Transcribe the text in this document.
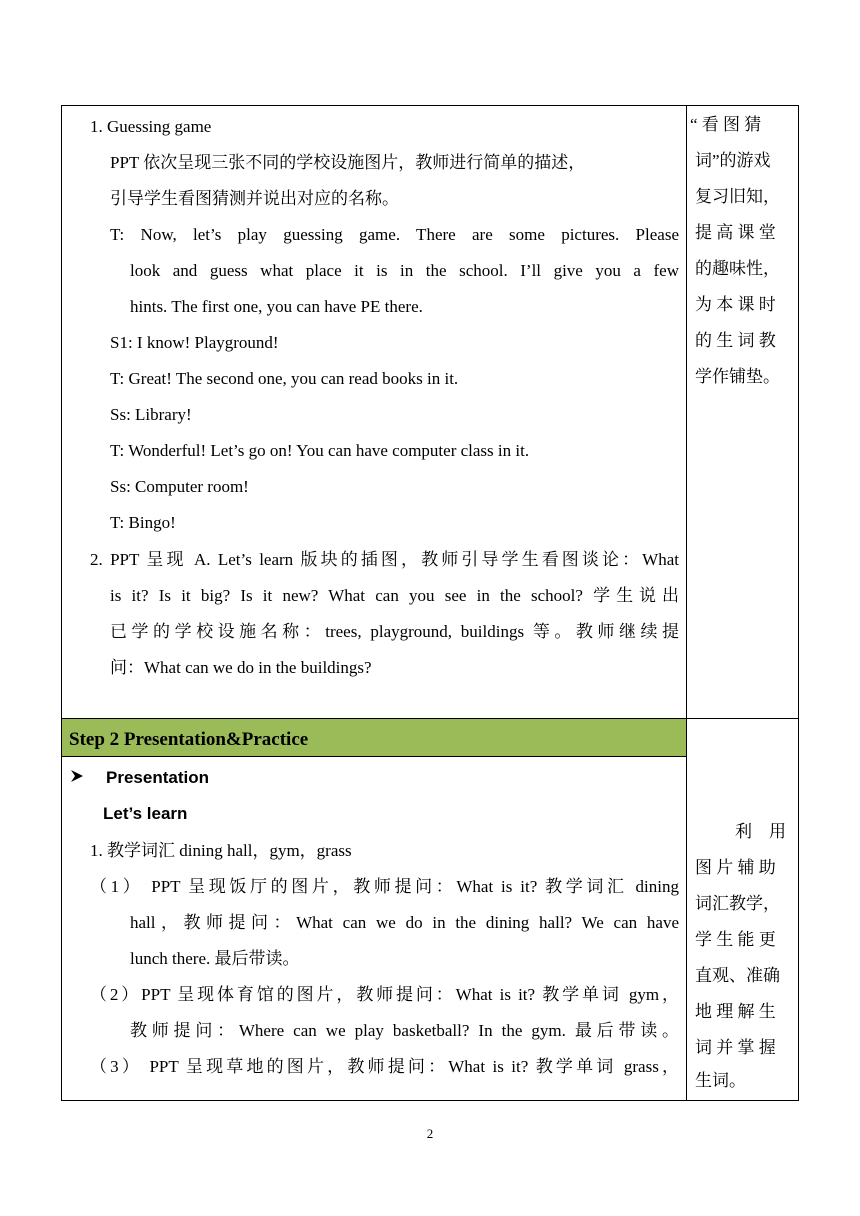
1. Guessing game
PPT 依次呈现三张不同的学校设施图片，教师进行简单的描述，
引导学生看图猜测并说出对应的名称。
T: Now, let’s play guessing game. There are some pictures. Please
look and guess what place it is in the school. I’ll give you a few
hints. The first one, you can have PE there.
S1: I know! Playground!
T: Great! The second one, you can read books in it.
Ss: Library!
T: Wonderful! Let’s go on! You can have computer class in it.
Ss: Computer room!
T: Bingo!
2. PPT 呈现 A. Let’s learn 版块的插图，教师引导学生看图谈论：What
is it? Is it big? Is it new? What can you see in the school? 学生说出
已学的学校设施名称：trees, playground, buildings 等。教师继续提
问：What can we do in the buildings?
“ 看 图 猜
词”的游戏
复习旧知，
提 高 课 堂
的趣味性，
为 本 课 时
的 生 词 教
学作铺垫。
Step 2 Presentation&Practice
Presentation
Let’s learn
1. 教学词汇 dining hall，gym，grass
（1） PPT 呈现饭厅的图片，教师提问：What is it? 教学词汇 dining
hall，教师提问：What can we do in the dining hall? We can have
lunch there. 最后带读。
（2）PPT 呈现体育馆的图片，教师提问：What is it? 教学单词 gym，
教师提问：Where can we play basketball? In the gym. 最后带读。
（3） PPT 呈现草地的图片，教师提问：What is it? 教学单词 grass，
利　用
图 片 辅 助
词汇教学，
学 生 能 更
直观、准确
地 理 解 生
词 并 掌 握
生词。
2
